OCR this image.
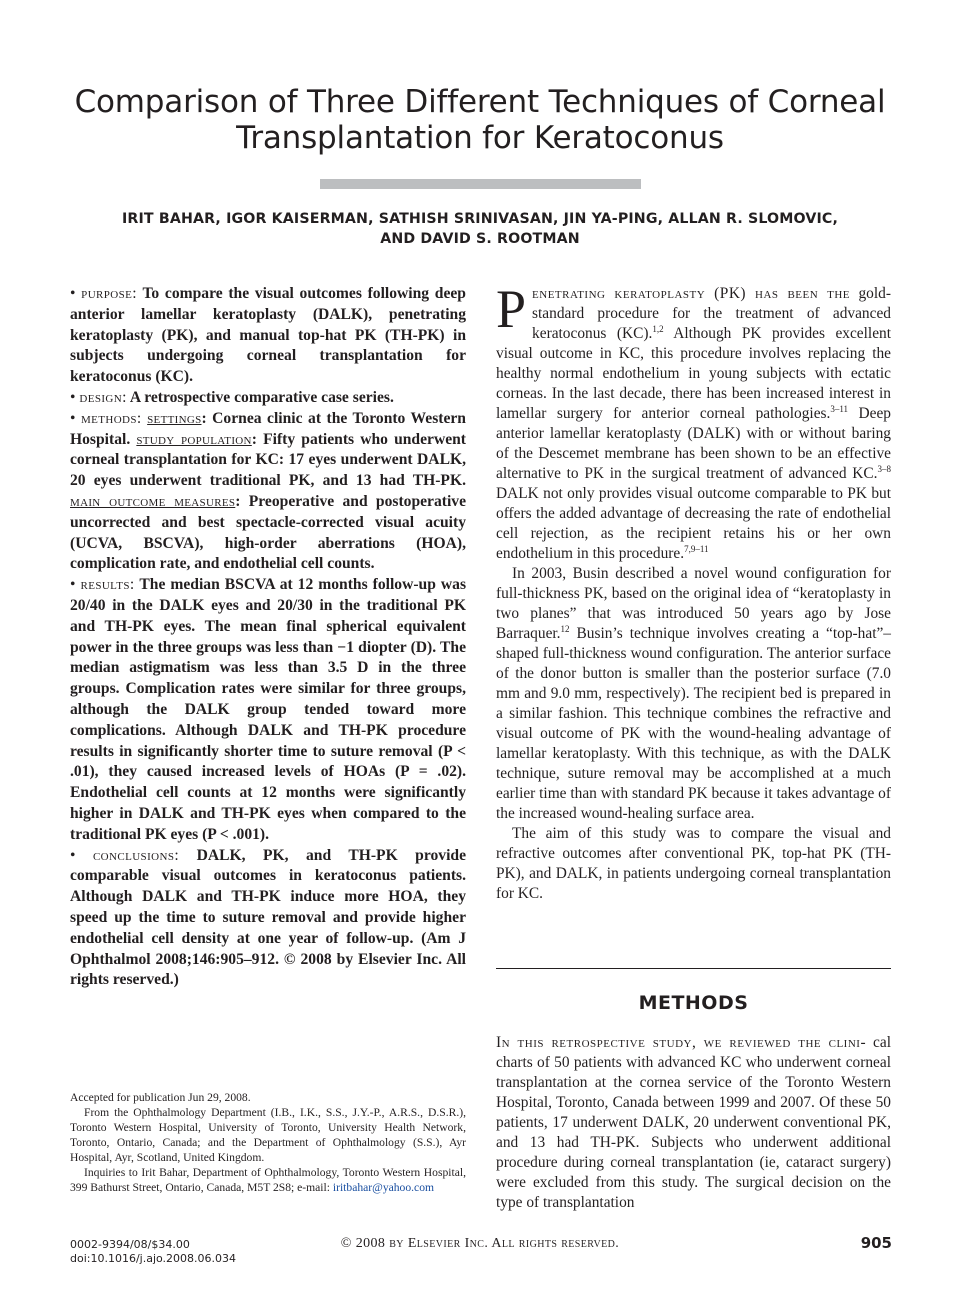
Comparison of Three Different Techniques of Corneal Transplantation for Keratoconus

IRIT BAHAR, IGOR KAISERMAN, SATHISH SRINIVASAN, JIN YA-PING, ALLAN R. SLOMOVIC,

AND DAVID S. ROOTMAN

• purpose: To compare the visual outcomes following deep anterior lamellar keratoplasty (DALK), penetrating keratoplasty (PK), and manual top-hat PK (TH-PK) in subjects undergoing corneal transplantation for keratoconus (KC).

• design: A retrospective comparative case series.

• methods: settings: Cornea clinic at the Toronto Western Hospital. study population: Fifty patients who underwent corneal transplantation for KC: 17 eyes underwent DALK, 20 eyes underwent traditional PK, and 13 had TH-PK. main outcome measures: Preoperative and postoperative uncorrected and best spectacle-corrected visual acuity (UCVA, BSCVA), high-order aberrations (HOA), complication rate, and endothelial cell counts.

• results: The median BSCVA at 12 months follow-up was 20/40 in the DALK eyes and 20/30 in the traditional PK and TH-PK eyes. The mean final spherical equivalent power in the three groups was less than −1 diopter (D). The median astigmatism was less than 3.5 D in the three groups. Complication rates were similar for three groups, although the DALK group tended toward more complications. Although DALK and TH-PK procedure results in significantly shorter time to suture removal (P < .01), they caused increased levels of HOAs (P = .02). Endothelial cell counts at 12 months were significantly higher in DALK and TH-PK eyes when compared to the traditional PK eyes (P < .001).

• conclusions: DALK, PK, and TH-PK provide comparable visual outcomes in keratoconus patients. Although DALK and TH-PK induce more HOA, they speed up the time to suture removal and provide higher endothelial cell density at one year of follow-up. (Am J Ophthalmol 2008;146:905–912. © 2008 by Elsevier Inc. All rights reserved.)

Penetrating keratoplasty (PK) has been the gold-standard procedure for the treatment of advanced keratoconus (KC).$^{1,2}$ Although PK provides excellent visual outcome in KC, this procedure involves replacing the healthy normal endothelium in young subjects with ectatic corneas. In the last decade, there has been increased interest in lamellar surgery for anterior corneal pathologies.$^{3-11}$ Deep anterior lamellar keratoplasty (DALK) with or without baring of the Descemet membrane has been shown to be an effective alternative to PK in the surgical treatment of advanced KC.$^{3-8}$ DALK not only provides visual outcome comparable to PK but offers the added advantage of decreasing the rate of endothelial cell rejection, as the recipient retains his or her own endothelium in this procedure.$^{7,9-11}$

In 2003, Busin described a novel wound configuration for full-thickness PK, based on the original idea of “keratoplasty in two planes” that was introduced 50 years ago by Jose Barraquer.$^{12}$ Busin’s technique involves creating a “top-hat”–shaped full-thickness wound configuration. The anterior surface of the donor button is smaller than the posterior surface (7.0 mm and 9.0 mm, respectively). The recipient bed is prepared in a similar fashion. This technique combines the refractive and visual outcome of PK with the wound-healing advantage of lamellar keratoplasty. With this technique, as with the DALK technique, suture removal may be accomplished at a much earlier time than with standard PK because it takes advantage of the increased wound-healing surface area.

The aim of this study was to compare the visual and refractive outcomes after conventional PK, top-hat PK (TH-PK), and DALK, in patients undergoing corneal transplantation for KC.

METHODS

In this retrospective study, we reviewed the clini- cal charts of 50 patients with advanced KC who underwent corneal transplantation at the cornea service of the Toronto Western Hospital, Toronto, Canada between 1999 and 2007. Of these 50 patients, 17 underwent DALK, 20 underwent conventional PK, and 13 had TH-PK. Subjects who underwent additional procedure during corneal transplantation (ie, cataract surgery) were excluded from this study. The surgical decision on the type of transplantation

Accepted for publication Jun 29, 2008.

From the Ophthalmology Department (I.B., I.K., S.S., J.Y.-P., A.R.S., D.S.R.), Toronto Western Hospital, University of Toronto, University Health Network, Toronto, Ontario, Canada; and the Department of Ophthalmology (S.S.), Ayr Hospital, Ayr, Scotland, United Kingdom.

Inquiries to Irit Bahar, Department of Ophthalmology, Toronto Western Hospital, 399 Bathurst Street, Ontario, Canada, M5T 2S8; e-mail: iritbahar@yahoo.com

0002-9394/08/$34.00

doi:10.1016/j.ajo.2008.06.034

© 2008 by Elsevier Inc. All rights reserved.	905
